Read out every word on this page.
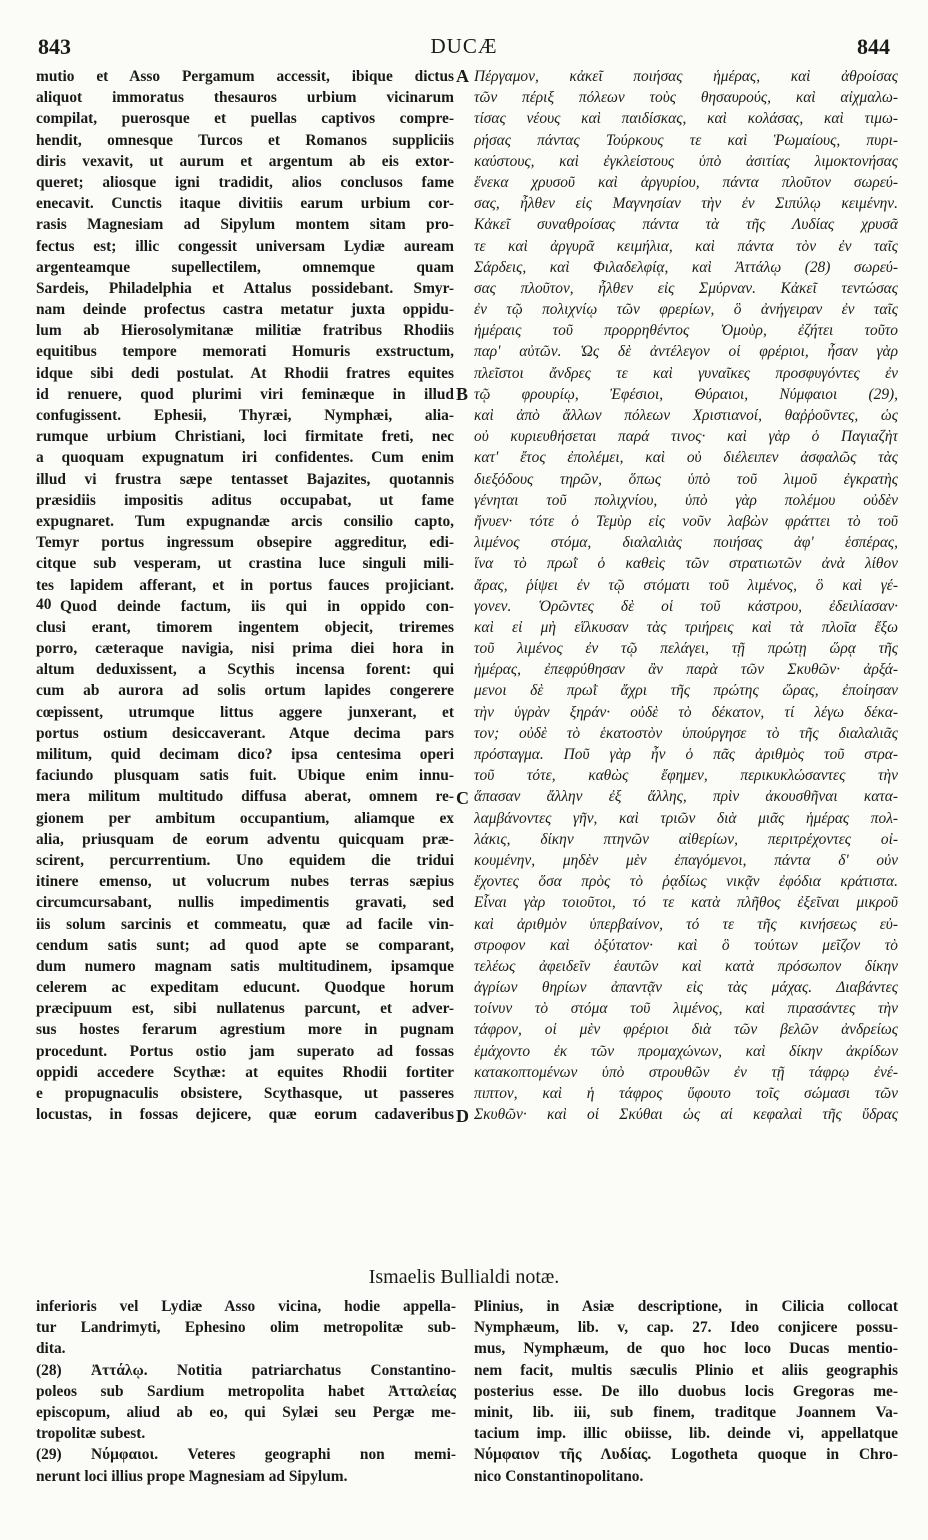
843	DUCÆ	844
mutio et Asso Pergamum accessit, ibique dictus
aliquot immoratus thesauros urbium vicinarum
compilat, puerosque et puellas captivos compre-
hendit, omnesque Turcos et Romanos suppliciis
diris vexavit, ut aurum et argentum ab eis extor-
queret; aliosque igni tradidit, alios conclusos fame
enecavit. Cunctis itaque divitiis earum urbium cor-
rasis Magnesiam ad Sipylum montem sitam pro-
fectus est; illic congessit universam Lydiæ auream
argenteamque supellectilem, omnemque quam
Sardeis, Philadelphia et Attalus possidebant. Smyr-
nam deinde profectus castra metatur juxta oppidu-
lum ab Hierosolymitanæ militiæ fratribus Rhodiis
equitibus tempore memorati Homuris exstructum,
idque sibi dedi postulat. At Rhodii fratres equites
id renuere, quod plurimi viri feminæque in illud
confugissent. Ephesii, Thyræi, Nymphæi, alia-
rumque urbium Christiani, loci firmitate freti, nec
a quoquam expugnatum iri confidentes. Cum enim
illud vi frustra sæpe tentasset Bajazites, quotannis
præsidiis impositis aditus occupabat, ut fame
expugnaret. Tum expugnandæ arcis consilio capto,
Temyr portus ingressum obsepire aggreditur, edi-
citque sub vesperam, ut crastina luce singuli mili-
tes lapidem afferant, et in portus fauces projiciant.
Quod deinde factum, iis qui in oppido con-
clusi erant, timorem ingentem objecit, triremes
porro, cæteraque navigia, nisi prima diei hora in
altum deduxissent, a Scythis incensa forent: qui
cum ab aurora ad solis ortum lapides congerere
cœpissent, utrumque littus aggere junxerant, et
portus ostium desiccaverant. Atque decima pars
militum, quid decimam dico? ipsa centesima operi
faciundo plusquam satis fuit. Ubique enim innu-
mera militum multitudo diffusa aberat, omnem re-
gionem per ambitum occupantium, aliamque ex
alia, priusquam de eorum adventu quicquam præ-
scirent, percurrentium. Uno equidem die tridui
itinere emenso, ut volucrum nubes terras sæpius
circumcursabant, nullis impedimentis gravati, sed
iis solum sarcinis et commeatu, quæ ad facile vin-
cendum satis sunt; ad quod apte se comparant,
dum numero magnam satis multitudinem, ipsamque
celerem ac expeditam educunt. Quodque horum
præcipuum est, sibi nullatenus parcunt, et adver-
sus hostes ferarum agrestium more in pugnam
procedunt. Portus ostio jam superato ad fossas
oppidi accedere Scythæ: at equites Rhodii fortiter
e propugnaculis obsistere, Scythasque, ut passeres
locustas, in fossas dejicere, quæ eorum cadaveribus
Πέργαμον, κἀκεῖ ποιήσας ἡμέρας, καὶ ἀθροίσας
τῶν πέριξ πόλεων τοὺς θησαυρούς, καὶ αἰχμαλω-
τίσας νέους καὶ παιδίσκας, καὶ κολάσας, καὶ τιμω-
ρήσας πάντας Τούρκους τε καὶ Ῥωμαίους, πυρι-
καύστους, καὶ ἐγκλείστους ὑπὸ ἀσιτίας λιμοκτονήσας
ἕνεκα χρυσοῦ καὶ ἀργυρίου, πάντα πλοῦτον σωρεύ-
σας, ἦλθεν εἰς Μαγνησίαν τὴν ἐν Σιπύλῳ κειμένην.
Κἀκεῖ συναθροίσας πάντα τὰ τῆς Λυδίας χρυσᾶ
τε καὶ ἀργυρᾶ κειμήλια, καὶ πάντα τὸν ἐν ταῖς
Σάρδεις, καὶ Φιλαδελφίᾳ, καὶ Ἀττάλῳ (28) σωρεύ-
σας πλοῦτον, ἦλθεν εἰς Σμύρναν. Κἀκεῖ τεντώσας
ἐν τῷ πολιχνίῳ τῶν φρερίων, ὃ ἀνήγειραν ἐν ταῖς
ἡμέραις τοῦ προρρηθέντος Ὀμοὺρ, ἐζήτει τοῦτο
παρ' αὐτῶν. Ὡς δὲ ἀντέλεγον οἱ φρέριοι, ἦσαν γὰρ
πλεῖστοι ἄνδρες τε καὶ γυναῖκες προσφυγόντες ἐν
τῷ φρουρίῳ, Ἐφέσιοι, Θύραιοι, Νύμφαιοι (29),
καὶ ἀπὸ ἄλλων πόλεων Χριστιανοί, θαῤῥοῦντες, ὡς
οὐ κυριευθήσεται παρά τινος· καὶ γὰρ ὁ Παγιαζὴτ
κατ' ἔτος ἐπολέμει, καὶ οὐ διέλειπεν ἀσφαλῶς τὰς
διεξόδους τηρῶν, ὅπως ὑπὸ τοῦ λιμοῦ ἐγκρατὴς
γένηται τοῦ πολιχνίου, ὑπὸ γὰρ πολέμου οὐδὲν
ἤνυεν· τότε ὁ Τεμὺρ εἰς νοῦν λαβὼν φράττει τὸ τοῦ
λιμένος στόμα, διαλαλιὰς ποιήσας ἀφ' ἑσπέρας,
ἵνα τὸ πρωῒ ὁ καθεὶς τῶν στρατιωτῶν ἀνὰ λίθον
ἄρας, ῥίψει ἐν τῷ στόματι τοῦ λιμένος, ὃ καὶ γέ-
γονεν. Ὁρῶντες δὲ οἱ τοῦ κάστρου, ἐδειλίασαν·
καὶ εἰ μὴ εἵλκυσαν τὰς τριήρεις καὶ τὰ πλοῖα ἔξω
τοῦ λιμένος ἐν τῷ πελάγει, τῇ πρώτῃ ὥρᾳ τῆς
ἡμέρας, ἐπεφρύθησαν ἂν παρὰ τῶν Σκυθῶν· ἀρξά-
μενοι δὲ πρωῒ ἄχρι τῆς πρώτης ὥρας, ἐποίησαν
τὴν ὑγρὰν ξηράν· οὐδὲ τὸ δέκατον, τί λέγω δέκα-
τον; οὐδὲ τὸ ἑκατοστὸν ὑπούργησε τὸ τῆς διαλαλιᾶς
πρόσταγμα. Ποῦ γὰρ ἦν ὁ πᾶς ἀριθμὸς τοῦ στρα-
τοῦ τότε, καθὼς ἔφημεν, περικυκλώσαντες τὴν
ἅπασαν ἄλλην ἐξ ἄλλης, πρὶν ἀκουσθῆναι κατα-
λαμβάνοντες γῆν, καὶ τριῶν διὰ μιᾶς ἡμέρας πολ-
λάκις, δίκην πτηνῶν αἰθερίων, περιτρέχοντες οἰ-
κουμένην, μηδὲν μὲν ἐπαγόμενοι, πάντα δ' οὐν
ἔχοντες ὅσα πρὸς τὸ ῥᾳδίως νικᾷν ἐφόδια κράτιστα.
Εἶναι γὰρ τοιοῦτοι, τό τε κατὰ πλῆθος ἐξεῖναι μικροῦ
καὶ ἀριθμὸν ὑπερβαίνον, τό τε τῆς κινήσεως εὐ-
στροφον καὶ ὀξύτατον· καὶ ὃ τούτων μεῖζον τὸ
τελέως ἀφειδεῖν ἑαυτῶν καὶ κατὰ πρόσωπον δίκην
ἀγρίων θηρίων ἀπαντᾷν εἰς τὰς μάχας. Διαβάντες
τοίνυν τὸ στόμα τοῦ λιμένος, καὶ πιρασάντες τὴν
τάφρον, οἱ μὲν φρέριοι διὰ τῶν βελῶν ἀνδρείως
ἐμάχοντο ἐκ τῶν προμαχώνων, καὶ δίκην ἀκρίδων
κατακοπτομένων ὑπὸ στρουθῶν ἐν τῇ τάφρῳ ἐνέ-
πιπτον, καὶ ἡ τάφρος ὕφουτο τοῖς σώμασι τῶν
Σκυθῶν· καὶ οἱ Σκύθαι ὡς αἱ κεφαλαὶ τῆς ὕδρας
A
B
C
D
40
Ismaelis Bullialdi notæ.
inferioris vel Lydiæ Asso vicina, hodie appella-
tur Landrimyti, Ephesino olim metropolitæ sub-
dita.
(28) Ἀττάλῳ. Notitia patriarchatus Constantino-
poleos sub Sardium metropolita habet Ἀτταλείας
episcopum, aliud ab eo, qui Sylæi seu Pergæ me-
tropolitæ subest.
(29) Νύμφαιοι. Veteres geographi non memi-
nerunt loci illius prope Magnesiam ad Sipylum.
Plinius, in Asiæ descriptione, in Cilicia collocat
Nymphæum, lib. v, cap. 27. Ideo conjicere possu-
mus, Nymphæum, de quo hoc loco Ducas mentio-
nem facit, multis sæculis Plinio et aliis geographis
posterius esse. De illo duobus locis Gregoras me-
minit, lib. iii, sub finem, traditque Joannem Va-
tacium imp. illic obiisse, lib. deinde vi, appellatque
Νύμφαιον τῆς Λυδίας. Logotheta quoque in Chro-
nico Constantinopolitano.
